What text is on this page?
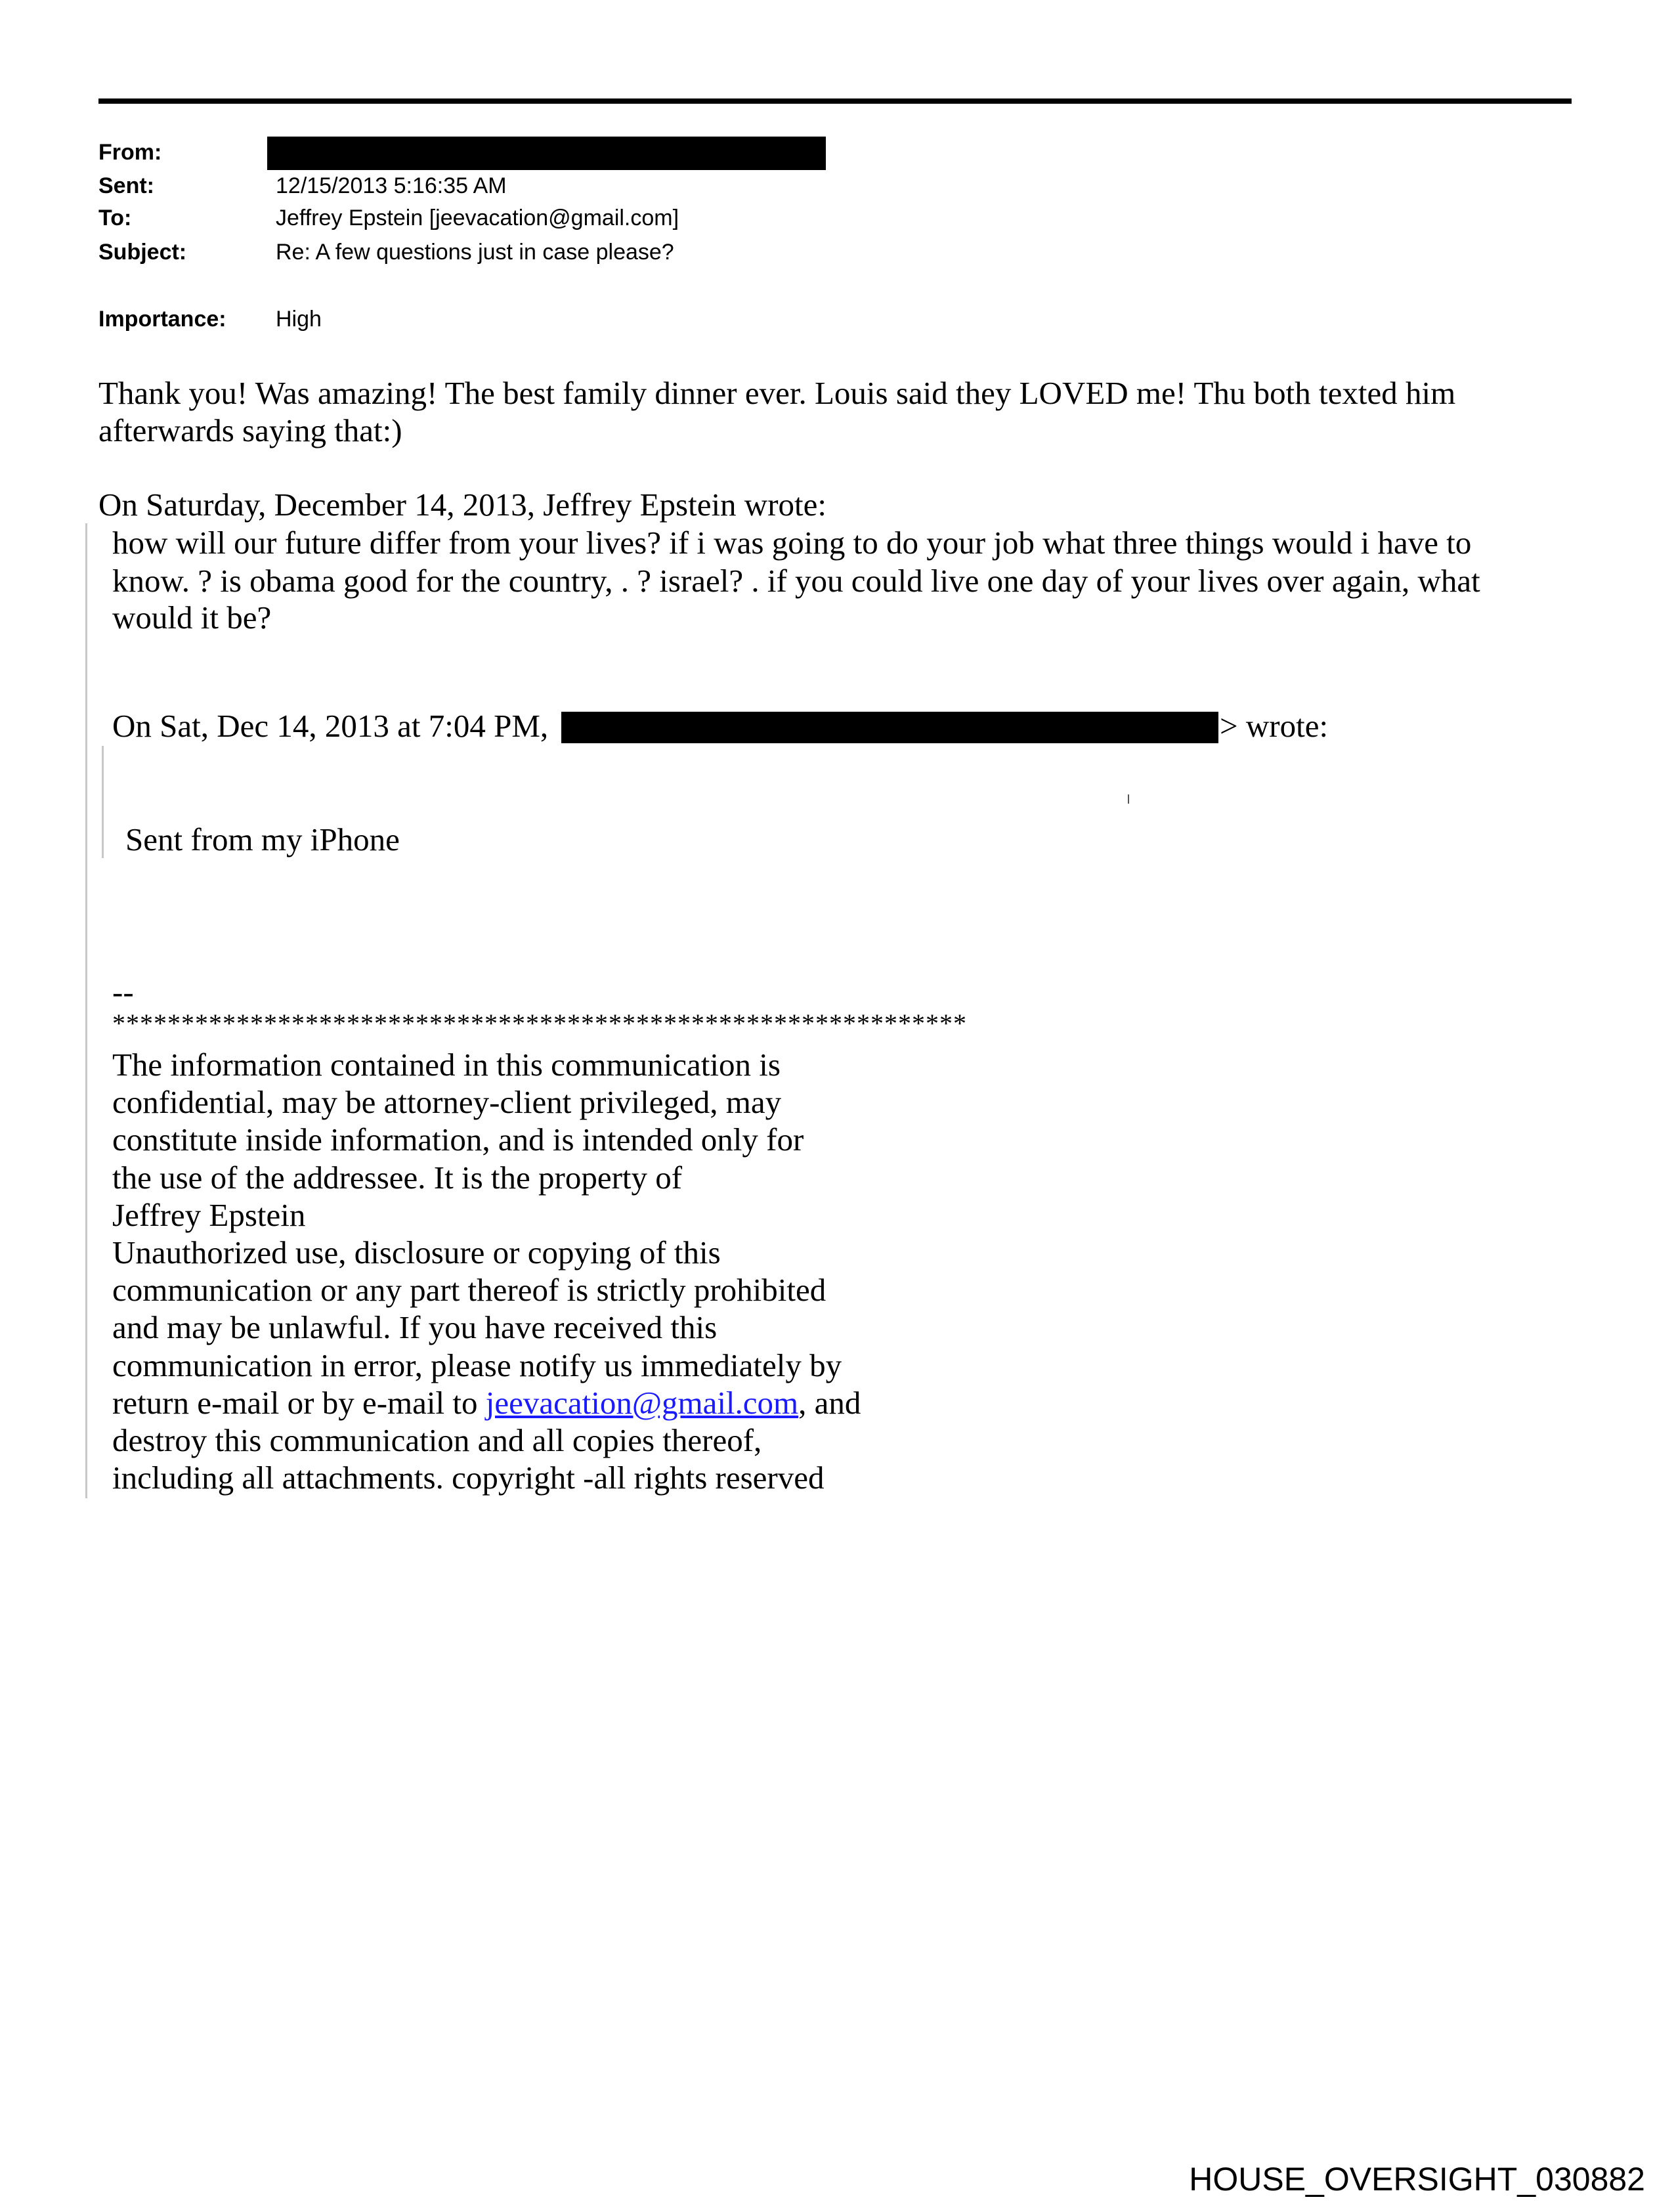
From:
Sent:	12/15/2013 5:16:35 AM
To:	Jeffrey Epstein [jeevacation@gmail.com]
Subject:	Re: A few questions just in case please?
Importance: High
Thank you! Was amazing! The best family dinner ever. Louis said they LOVED me! Thu both texted him
afterwards saying that:)
On Saturday, December 14, 2013, Jeffrey Epstein wrote:
how will our future differ from your lives? if i was going to do your job what three things would i have to
know. ? is obama good for the country, . ? israel? . if you could live one day of your lives over again, what
would it be?
On Sat, Dec 14, 2013 at 7:04 PM,	> wrote:
Sent from my iPhone
--
**************************************************************
The information contained in this communication is
confidential, may be attorney-client privileged, may
constitute inside information, and is intended only for
the use of the addressee. It is the property of
Jeffrey Epstein
Unauthorized use, disclosure or copying of this
communication or any part thereof is strictly prohibited
and may be unlawful. If you have received this
communication in error, please notify us immediately by
return e-mail or by e-mail to jeevacation@gmail.com, and
destroy this communication and all copies thereof,
including all attachments. copyright -all rights reserved
HOUSE_OVERSIGHT_030882
